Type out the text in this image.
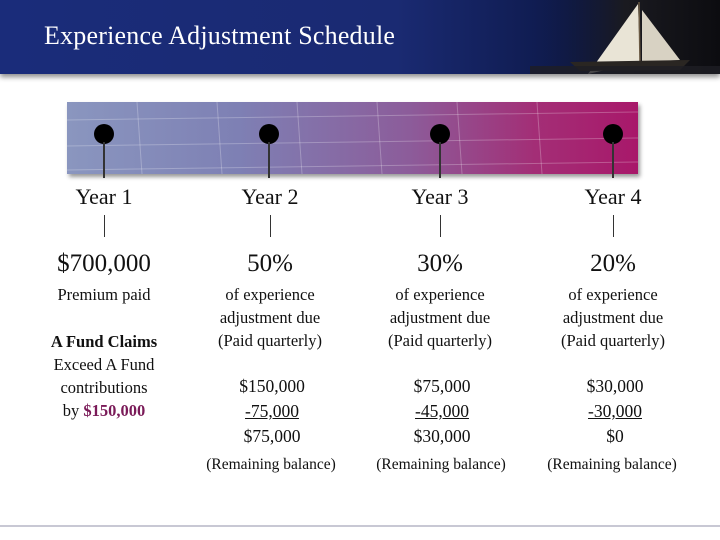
Experience Adjustment Schedule
Year 1
$700,000
Premium paid
A Fund Claims
Exceed A Fund
contributions
by $150,000
Year 2
50%
of experience
adjustment due
(Paid quarterly)
$150,000
-75,000
$75,000
(Remaining balance)
Year 3
30%
of experience
adjustment due
(Paid quarterly)
$75,000
-45,000
$30,000
(Remaining balance)
Year 4
20%
of experience
adjustment due
(Paid quarterly)
$30,000
-30,000
$0
(Remaining balance)
